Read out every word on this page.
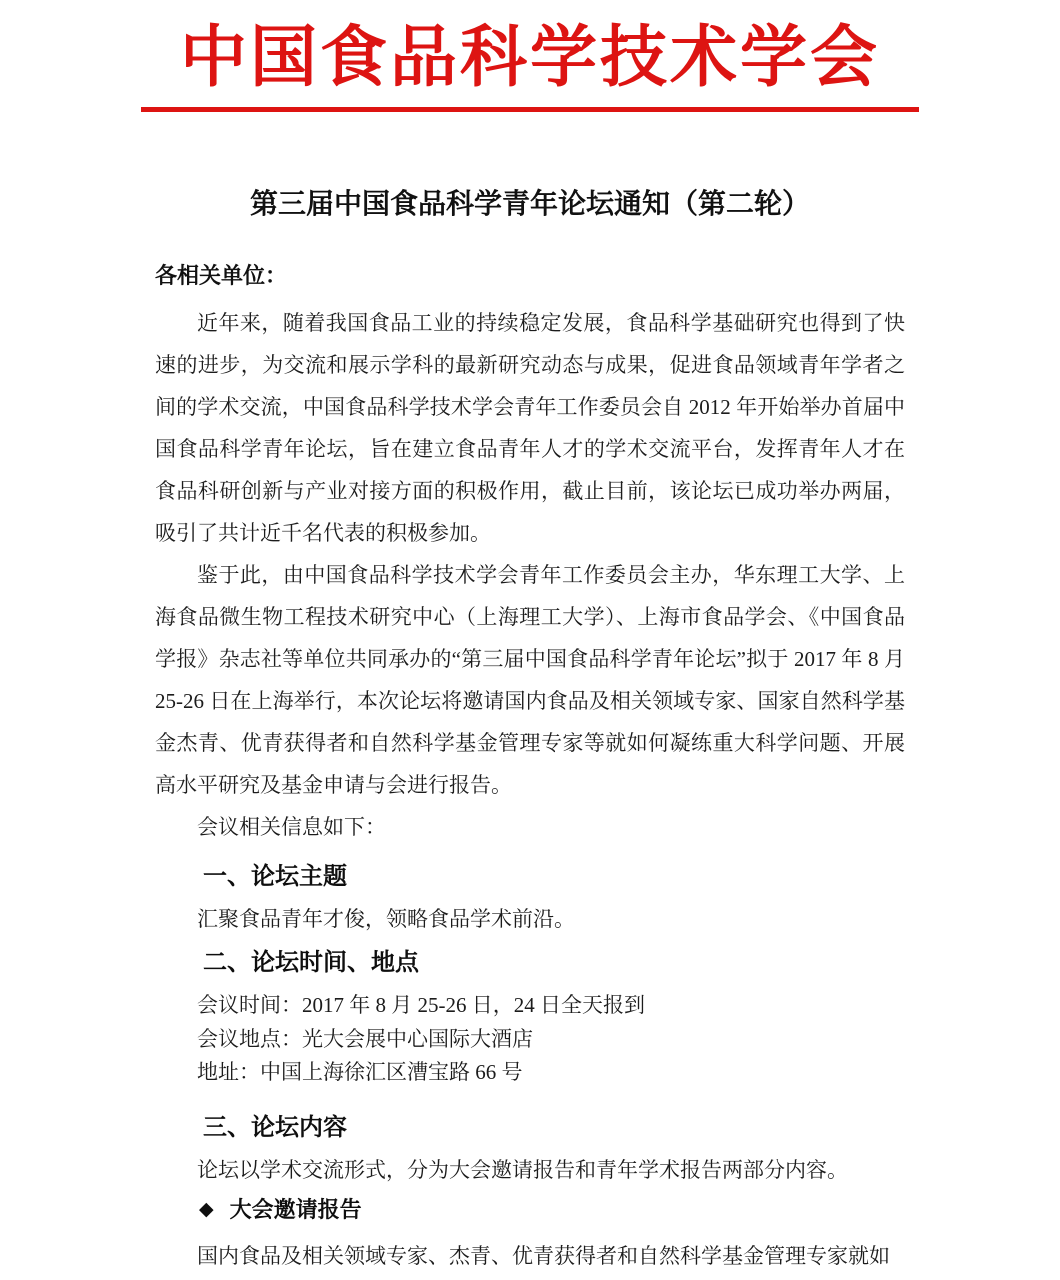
中国食品科学技术学会
第三届中国食品科学青年论坛通知（第二轮）
各相关单位：

近年来，随着我国食品工业的持续稳定发展，食品科学基础研究也得到了快速的进步，为交流和展示学科的最新研究动态与成果，促进食品领域青年学者之间的学术交流，中国食品科学技术学会青年工作委员会自 2012 年开始举办首届中国食品科学青年论坛，旨在建立食品青年人才的学术交流平台，发挥青年人才在食品科研创新与产业对接方面的积极作用，截止目前，该论坛已成功举办两届，吸引了共计近千名代表的积极参加。

鉴于此，由中国食品科学技术学会青年工作委员会主办，华东理工大学、上海食品微生物工程技术研究中心（上海理工大学）、上海市食品学会、《中国食品学报》杂志社等单位共同承办的“第三届中国食品科学青年论坛”拟于 2017 年 8 月 25-26 日在上海举行，本次论坛将邀请国内食品及相关领域专家、国家自然科学基金杰青、优青获得者和自然科学基金管理专家等就如何凝练重大科学问题、开展高水平研究及基金申请与会进行报告。

会议相关信息如下：

一、论坛主题

汇聚食品青年才俊，领略食品学术前沿。

二、论坛时间、地点

会议时间：2017 年 8 月 25-26 日，24 日全天报到

会议地点：光大会展中心国际大酒店

地址：中国上海徐汇区漕宝路 66 号

三、论坛内容

论坛以学术交流形式，分为大会邀请报告和青年学术报告两部分内容。

◆ 大会邀请报告

国内食品及相关领域专家、杰青、优青获得者和自然科学基金管理专家就如
